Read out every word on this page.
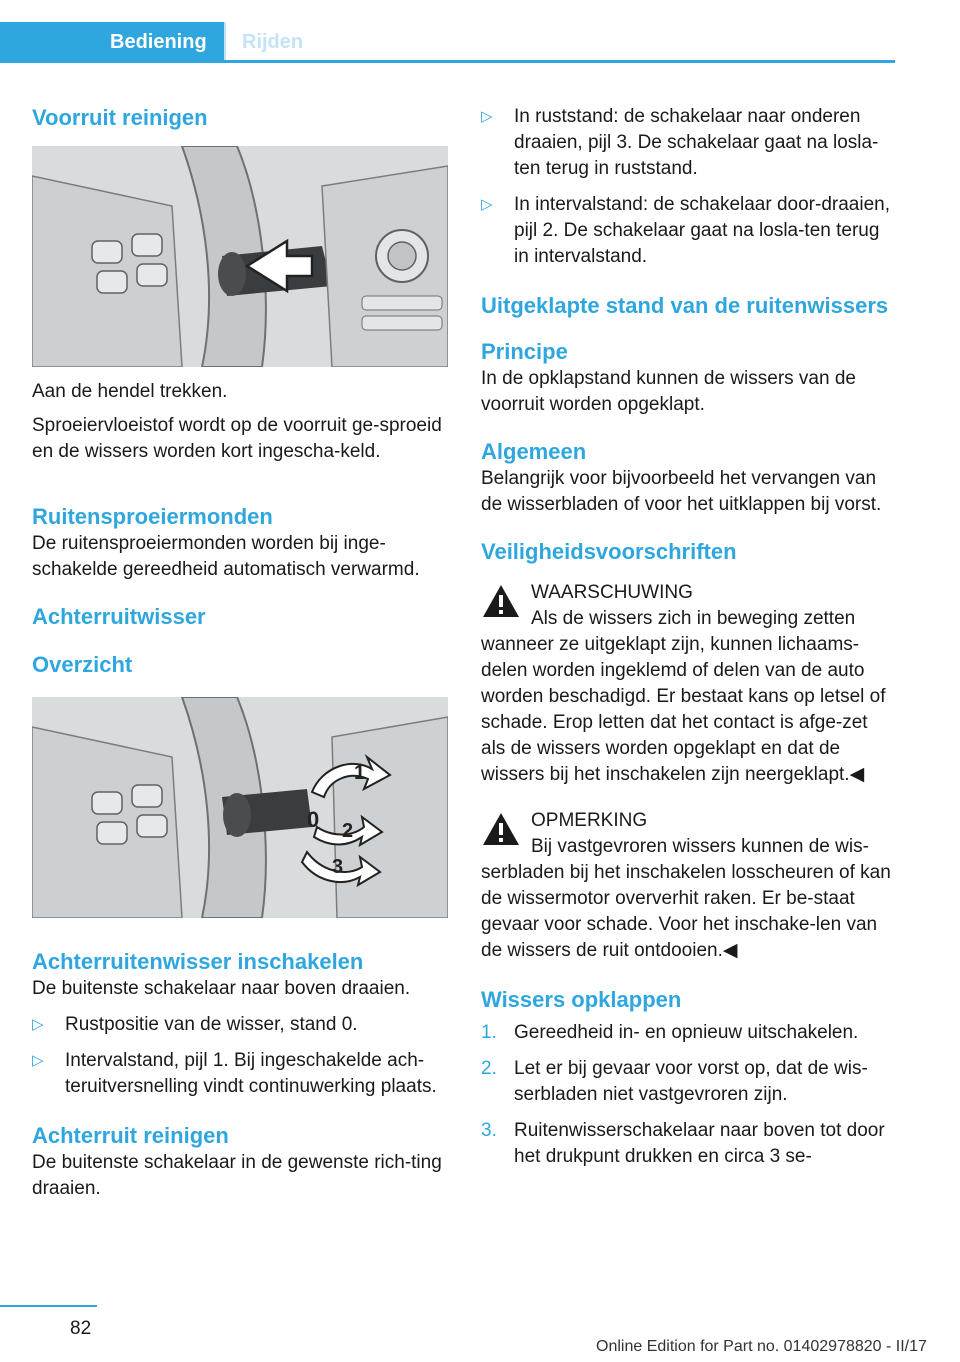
Bediening Rijden
Voorruit reinigen

Aan de hendel trekken.

Sproeiervloeistof wordt op de voorruit ge-sproeid en de wissers worden kort ingescha-keld.

Ruitensproeiermonden

De ruitensproeiermonden worden bij inge-schakelde gereedheid automatisch verwarmd.

Achterruitwisser
Overzicht
1
0 2
3
Achterruitenwisser inschakelen

De buitenste schakelaar naar boven draaien.

▷ Rustpositie van de wisser, stand 0.
▷ Intervalstand, pijl 1. Bij ingeschakelde ach-teruitversnelling vindt continuwerking plaats.
Achterruit reinigen

De buitenste schakelaar in de gewenste rich-ting draaien.

▷ In ruststand: de schakelaar naar onderen draaien, pijl 3. De schakelaar gaat na losla-ten terug in ruststand.
▷ In intervalstand: de schakelaar door-draaien, pijl 2. De schakelaar gaat na losla-ten terug in intervalstand.
Uitgeklapte stand van de ruitenwissers
Principe

In de opklapstand kunnen de wissers van de voorruit worden opgeklapt.

Algemeen

Belangrijk voor bijvoorbeeld het vervangen van de wisserbladen of voor het uitklappen bij vorst.

Veiligheidsvoorschriften

WAARSCHUWING

Als de wissers zich in beweging zetten wanneer ze uitgeklapt zijn, kunnen lichaams-delen worden ingeklemd of delen van de auto worden beschadigd. Er bestaat kans op letsel of schade. Erop letten dat het contact is afge-zet als de wissers worden opgeklapt en dat de wissers bij het inschakelen zijn neergeklapt.◀

OPMERKING

Bij vastgevroren wissers kunnen de wis-serbladen bij het inschakelen losscheuren of kan de wissermotor oververhit raken. Er be-staat gevaar voor schade. Voor het inschake-len van de wissers de ruit ontdooien.◀

Wissers opklappen
1. Gereedheid in- en opnieuw uitschakelen.
2. Let er bij gevaar voor vorst op, dat de wis-serbladen niet vastgevroren zijn.
3. Ruitenwisserschakelaar naar boven tot door het drukpunt drukken en circa 3 se-
82
Online Edition for Part no. 01402978820 - II/17
